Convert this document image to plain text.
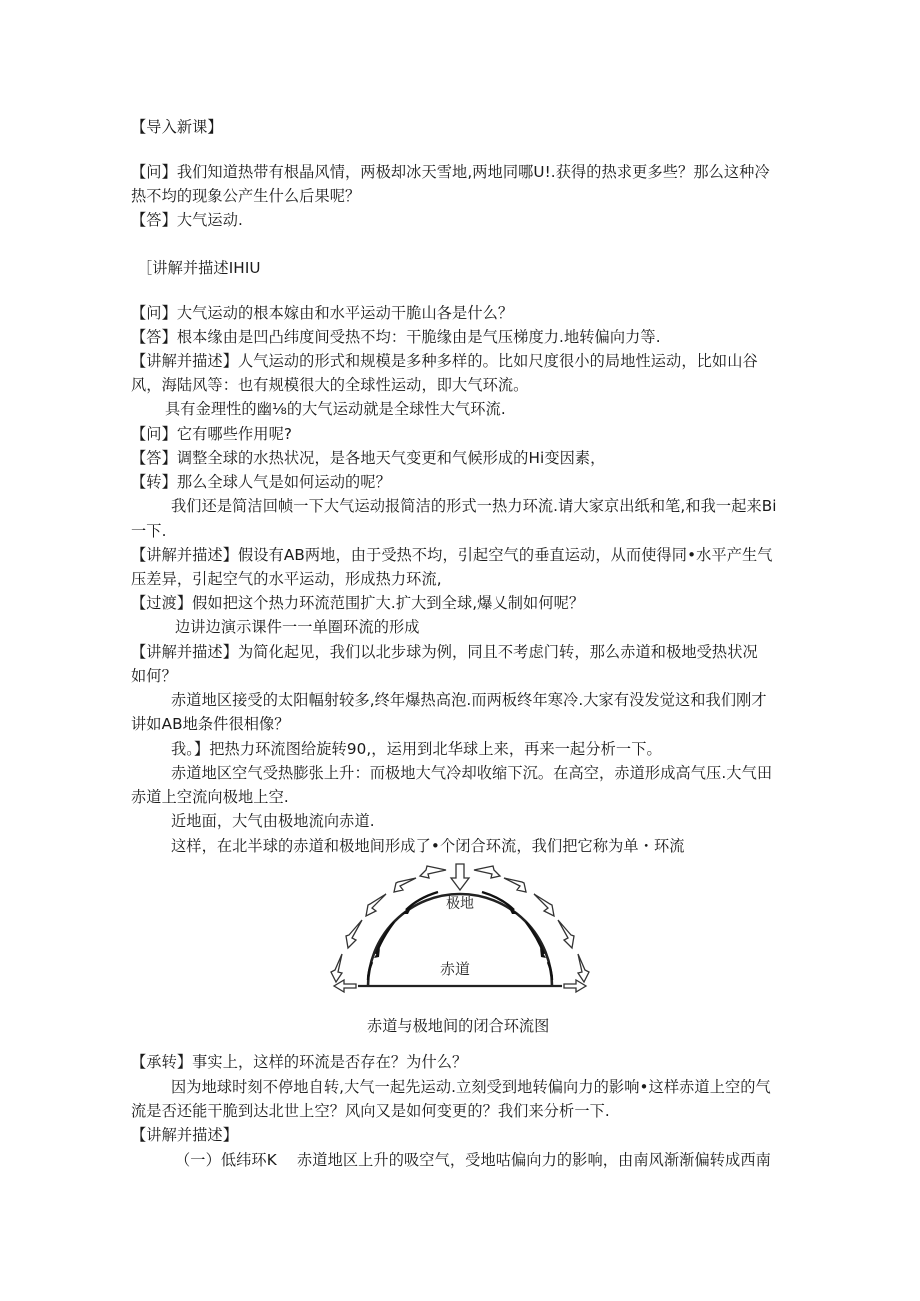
【导入新课】
【问】我们知道热带有根晶风情，两极却冰天雪地,两地同哪U!.获得的热求更多些？那么这种冷
热不均的现象公产生什么后果呢？
【答】大气运动.
［讲解并描述IHIU
【问】大气运动的根本嫁由和水平运动干脆山各是什么？
【答】根本缘由是凹凸纬度间受热不均：干脆缘由是气压梯度力.地转偏向力等.
【讲解并描述】人气运动的形式和规模是多种多样的。比如尺度很小的局地性运动，比如山谷
风，海陆风等：也有规模很大的全球性运动，即大气环流。
具有金理性的幽⅛的大气运动就是全球性大气环流.
【问】它有哪些作用呢?
【答】调整全球的水热状况，是各地天气变更和气候形成的Hi变因素，
【转】那么全球人气是如何运动的呢？
我们还是简洁回帧一下大气运动报简洁的形式一热力环流.请大家京出纸和笔,和我一起来Bi
一下.
【讲解并描述】假设有AB两地，由于受热不均，引起空气的垂直运动，从而使得同•水平产生气
压差异，引起空气的水平运动，形成热力环流,
【过渡】假如把这个热力环流范围扩大.扩大到全球,爆乂制如何呢？
边讲边演示课件一一单圈环流的形成
【讲解并描述】为简化起见，我们以北步球为例，同且不考虑门转，那么赤道和极地受热状况
如何？
赤道地区接受的太阳幅射较多,终年爆热高泡.而两板终年寒冷.大家有没发觉这和我们刚才
讲如AB地条件很相像？
我。】把热力环流图给旋转90,，运用到北华球上来，再来一起分析一下。
赤道地区空气受热膨张上升：而极地大气冷却收缩下沉。在高空，赤道形成高气压.大气田
赤道上空流向极地上空.
近地面，大气由极地流向赤道.
这样，在北半球的赤道和极地间形成了•个闭合环流，我们把它称为单・环流
【承转】事实上，这样的环流是否存在？为什么？
因为地球时刻不停地自转,大气一起先运动.立刻受到地转偏向力的影响•这样赤道上空的气
流是否还能干脆到达北世上空？风向又是如何变更的？我们来分析一下.
【讲解并描述】
（一）低纬环K　 赤道地区上升的吸空气，受地咕偏向力的影响，由南风渐渐偏转成西南
极地
赤道
赤道与极地间的闭合环流图
